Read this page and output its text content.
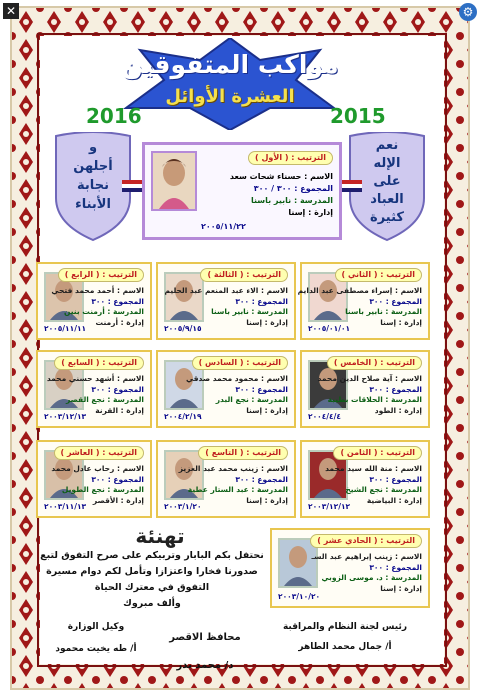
✕	⚙
مواكب المتفوقين
العشرة الأوائل
2016	2015
و
أجلهن
نجابة
الأبناء
نعم
الإله
على
العباد
كثيرة
الترتيب : ( الأول )
الاسم : حسناء شحات سعد
المجموع : ٣٠٠ / ٣٠٠
المدرسة : نابير باسنا
إدارة : إسنا
٢٠٠٥/١١/٢٢
الترتيب : ( الثاني )
الاسم : إسراء مصطفى عبد الدايم
المجموع : ٣٠٠
المدرسة : نابير باسنا
إدارة : إسنا
٢٠٠٥/٠١/٠١
الترتيب : ( الثالثة )
الاسم : الاء عبد المنعم عبد الحليم
المجموع : ٣٠٠
المدرسة : نابير باسنا
إدارة : إسنا
٢٠٠٥/٩/١٥
الترتيب : ( الرابع )
الاسم : أحمد محمد فتحي
المجموع : ٣٠٠
المدرسة : أرمنت بنين
إدارة : أرمنت
٢٠٠٥/١١/١١
الترتيب : ( الخامس )
الاسم : آية صلاح الدين محمد
المجموع : ٣٠٠
المدرسة : الحلاقات بطيبة
إدارة : الطود
٢٠٠٤/٤/٤
الترتيب : ( السادس )
الاسم : محمود محمد صدقي
المجموع : ٣٠٠
المدرسة : نجع البدر
إدارة : إسنا
٢٠٠٤/٢/١٩
الترتيب : ( السابع )
الاسم : أشهد حسني محمد
المجموع : ٣٠٠
المدرسة : نجع القصر
إدارة : القرنة
٢٠٠٣/١٢/١٣
الترتيب : ( الثامن )
الاسم : منة الله سيد محمد
المجموع : ٣٠٠
المدرسة : نجع الشيخ
إدارة : البياضية
٢٠٠٣/١٢/١٢
الترتيب : ( التاسع )
الاسم : زينب محمد عبد العزيز
المجموع : ٣٠٠
المدرسة : عبد الستار عطية
إدارة : إسنا
٢٠٠٣/١/٢٠
الترتيب : ( العاشر )
الاسم : رحاب عادل محمد
المجموع : ٣٠٠
المدرسة : نجع الطويل
إدارة : الأقصر
٢٠٠٣/١١/١٣
الترتيب : ( الحادي عشر )
الاسم : زينب إبراهيم عبد السـ
المجموع : ٣٠٠
المدرسة : د. موسى الزوبي
إدارة : إسنا
٢٠٠٣/١٠/٢٠
تهنئة
نحتفل بكم البابار وتربيكم على صرح التفوق لتبع صدورنا فخارا واعتزازا وتأمل لكم دوام مسيرة التفوق في معترك الحياة
وألف مبروك
رئيس لجنة النظام والمراقبة
أ/ جمال محمد الطاهر
وكيل الوزارة
أ/ طه يخيت محمود
محافظ الاقصر
د/ محمد بدر
